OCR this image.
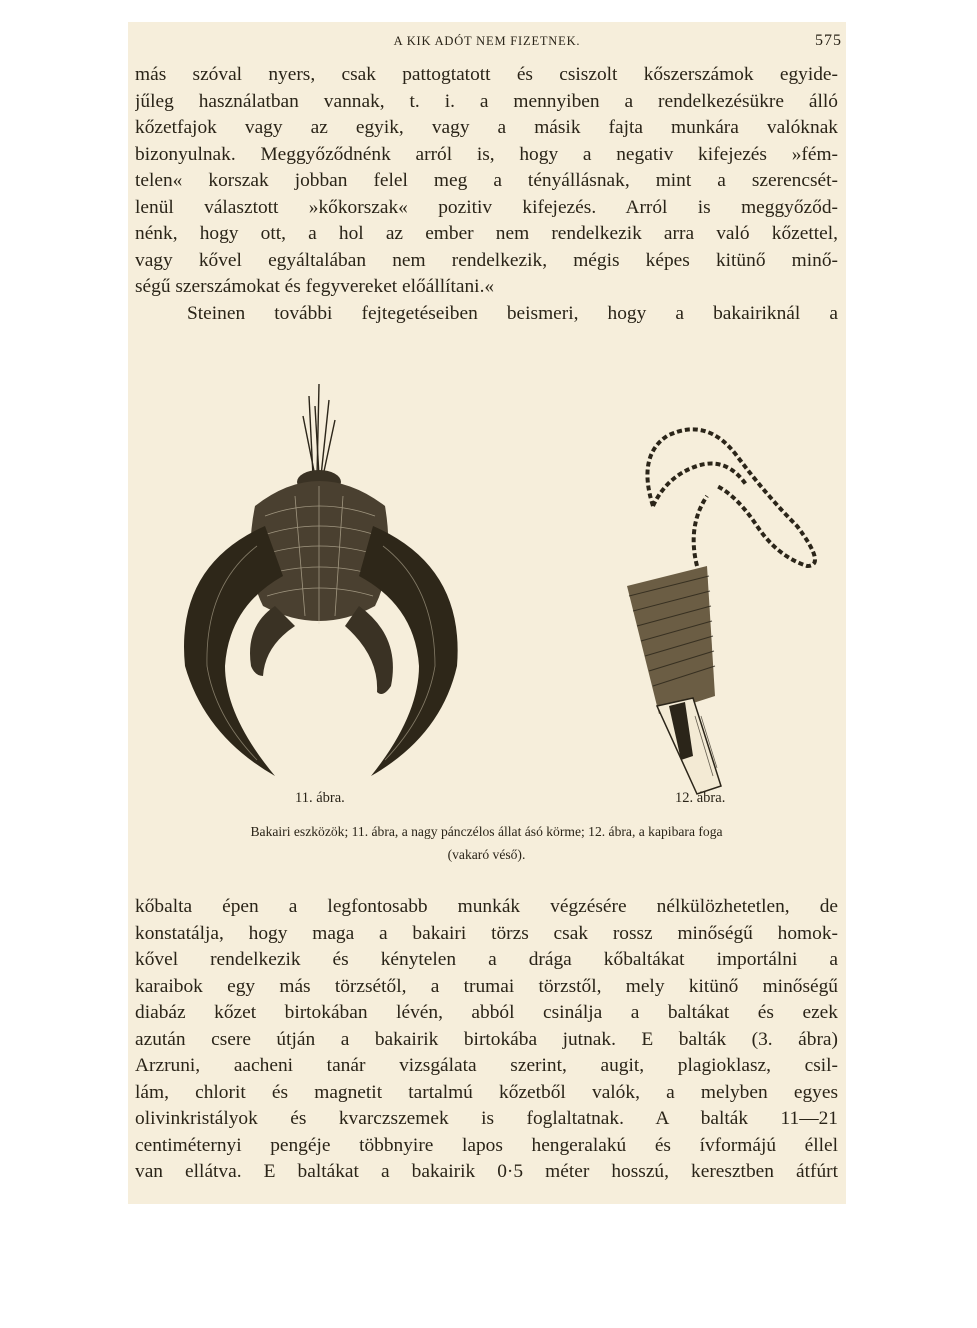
A KIK ADÓT NEM FIZETNEK.	575
más szóval nyers, csak pattogtatott és csiszolt kőszerszámok egyide-
jűleg használatban vannak, t. i. a mennyiben a rendelkezésükre álló
kőzetfajok vagy az egyik, vagy a másik fajta munkára valóknak
bizonyulnak. Meggyőződnénk arról is, hogy a negativ kifejezés »fém-
telen« korszak jobban felel meg a tényállásnak, mint a szerencsét-
lenül választott »kőkorszak« pozitiv kifejezés. Arról is meggyőződ-
nénk, hogy ott, a hol az ember nem rendelkezik arra való kőzettel,
vagy kővel egyáltalában nem rendelkezik, mégis képes kitünő minő-
ségű szerszámokat és fegyvereket előállítani.«
Steinen további fejtegetéseiben beismeri, hogy a bakairiknál a
11. ábra.	12. ábra.
Bakairi eszközök; 11. ábra, a nagy pánczélos állat ásó körme; 12. ábra, a kapibara foga
(vakaró véső).
kőbalta épen a legfontosabb munkák végzésére nélkülözhetetlen, de
konstatálja, hogy maga a bakairi törzs csak rossz minőségű homok-
kővel rendelkezik és kénytelen a drága kőbaltákat importálni a
karaibok egy más törzsétől, a trumai törzstől, mely kitünő minőségű
diabáz kőzet birtokában lévén, abból csinálja a baltákat és ezek
azután csere útján a bakairik birtokába jutnak. E balták (3. ábra)
Arzruni, aacheni tanár vizsgálata szerint, augit, plagioklasz, csil-
lám, chlorit és magnetit tartalmú kőzetből valók, a melyben egyes
olivinkristályok és kvarczszemek is foglaltatnak. A balták 11—21
centiméternyi pengéje többnyire lapos hengeralakú és ívformájú éllel
van ellátva. E baltákat a bakairik 0·5 méter hosszú, keresztben átfúrt
